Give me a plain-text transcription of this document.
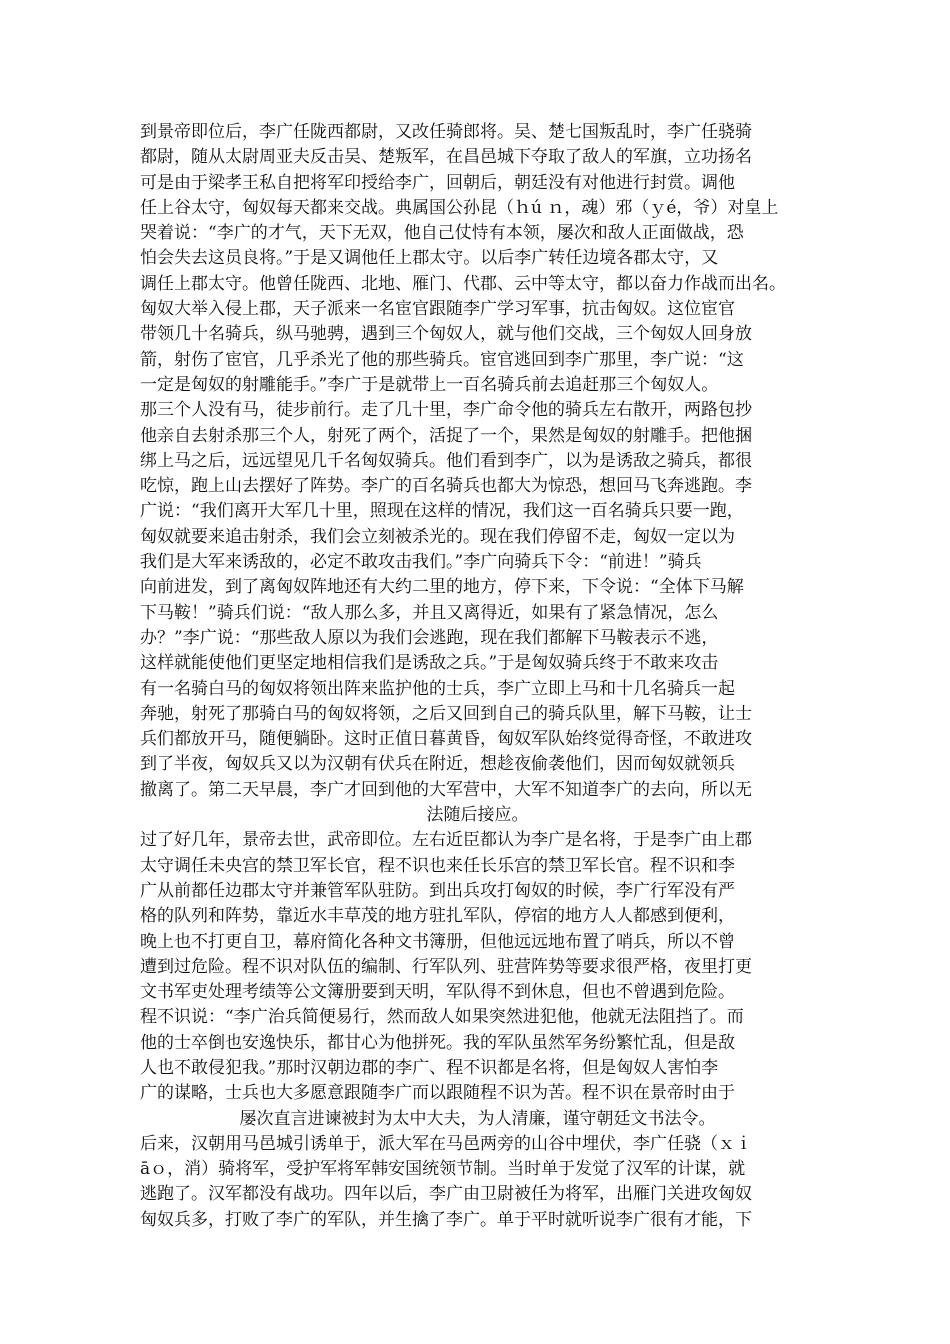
到景帝即位后，李广任陇西都尉，又改任骑郎将。吴、楚七国叛乱时，李广任骁骑
都尉，随从太尉周亚夫反击吴、楚叛军，在昌邑城下夺取了敌人的军旗，立功扬名
可是由于梁孝王私自把将军印授给李广，回朝后，朝廷没有对他进行封赏。调他
任上谷太守，匈奴每天都来交战。典属国公孙昆（ｈú ｎ，魂）邪（ｙé，爷）对皇上
哭着说：“李广的才气，天下无双，他自己仗恃有本领，屡次和敌人正面做战，恐
怕会失去这员良将。”于是又调他任上郡太守。以后李广转任边境各郡太守，又
调任上郡太守。他曾任陇西、北地、雁门、代郡、云中等太守，都以奋力作战而出名。
匈奴大举入侵上郡，天子派来一名宦官跟随李广学习军事，抗击匈奴。这位宦官
带领几十名骑兵，纵马驰骋，遇到三个匈奴人，就与他们交战，三个匈奴人回身放
箭，射伤了宦官，几乎杀光了他的那些骑兵。宦官逃回到李广那里，李广说：“这
一定是匈奴的射雕能手。”李广于是就带上一百名骑兵前去追赶那三个匈奴人。
那三个人没有马，徒步前行。走了几十里，李广命令他的骑兵左右散开，两路包抄
他亲自去射杀那三个人，射死了两个，活捉了一个，果然是匈奴的射雕手。把他捆
绑上马之后，远远望见几千名匈奴骑兵。他们看到李广，以为是诱敌之骑兵，都很
吃惊，跑上山去摆好了阵势。李广的百名骑兵也都大为惊恐，想回马飞奔逃跑。李
广说：“我们离开大军几十里，照现在这样的情况，我们这一百名骑兵只要一跑，
匈奴就要来追击射杀，我们会立刻被杀光的。现在我们停留不走，匈奴一定以为
我们是大军来诱敌的，必定不敢攻击我们。”李广向骑兵下令：“前进！”骑兵
向前进发，到了离匈奴阵地还有大约二里的地方，停下来，下令说：“全体下马解
下马鞍！”骑兵们说：“敌人那么多，并且又离得近，如果有了紧急情况，怎么
办？”李广说：“那些敌人原以为我们会逃跑，现在我们都解下马鞍表示不逃，
这样就能使他们更坚定地相信我们是诱敌之兵。”于是匈奴骑兵终于不敢来攻击
有一名骑白马的匈奴将领出阵来监护他的士兵，李广立即上马和十几名骑兵一起
奔驰，射死了那骑白马的匈奴将领，之后又回到自己的骑兵队里，解下马鞍，让士
兵们都放开马，随便躺卧。这时正值日暮黄昏，匈奴军队始终觉得奇怪，不敢进攻
到了半夜，匈奴兵又以为汉朝有伏兵在附近，想趁夜偷袭他们，因而匈奴就领兵
撤离了。第二天早晨，李广才回到他的大军营中，大军不知道李广的去向，所以无
法随后接应。
过了好几年，景帝去世，武帝即位。左右近臣都认为李广是名将，于是李广由上郡
太守调任未央宫的禁卫军长官，程不识也来任长乐宫的禁卫军长官。程不识和李
广从前都任边郡太守并兼管军队驻防。到出兵攻打匈奴的时候，李广行军没有严
格的队列和阵势，靠近水丰草茂的地方驻扎军队，停宿的地方人人都感到便利，
晚上也不打更自卫，幕府简化各种文书簿册，但他远远地布置了哨兵，所以不曾
遭到过危险。程不识对队伍的编制、行军队列、驻营阵势等要求很严格，夜里打更
文书军吏处理考绩等公文簿册要到天明，军队得不到休息，但也不曾遇到危险。
程不识说：“李广治兵简便易行，然而敌人如果突然进犯他，他就无法阻挡了。而
他的士卒倒也安逸快乐，都甘心为他拼死。我的军队虽然军务纷繁忙乱，但是敌
人也不敢侵犯我。”那时汉朝边郡的李广、程不识都是名将，但是匈奴人害怕李
广的谋略，士兵也大多愿意跟随李广而以跟随程不识为苦。程不识在景帝时由于
屡次直言进谏被封为太中大夫，为人清廉，谨守朝廷文书法令。
后来，汉朝用马邑城引诱单于，派大军在马邑两旁的山谷中埋伏，李广任骁（ｘｉ
āｏ，消）骑将军，受护军将军韩安国统领节制。当时单于发觉了汉军的计谋，就
逃跑了。汉军都没有战功。四年以后，李广由卫尉被任为将军，出雁门关进攻匈奴
匈奴兵多，打败了李广的军队，并生擒了李广。单于平时就听说李广很有才能，下
